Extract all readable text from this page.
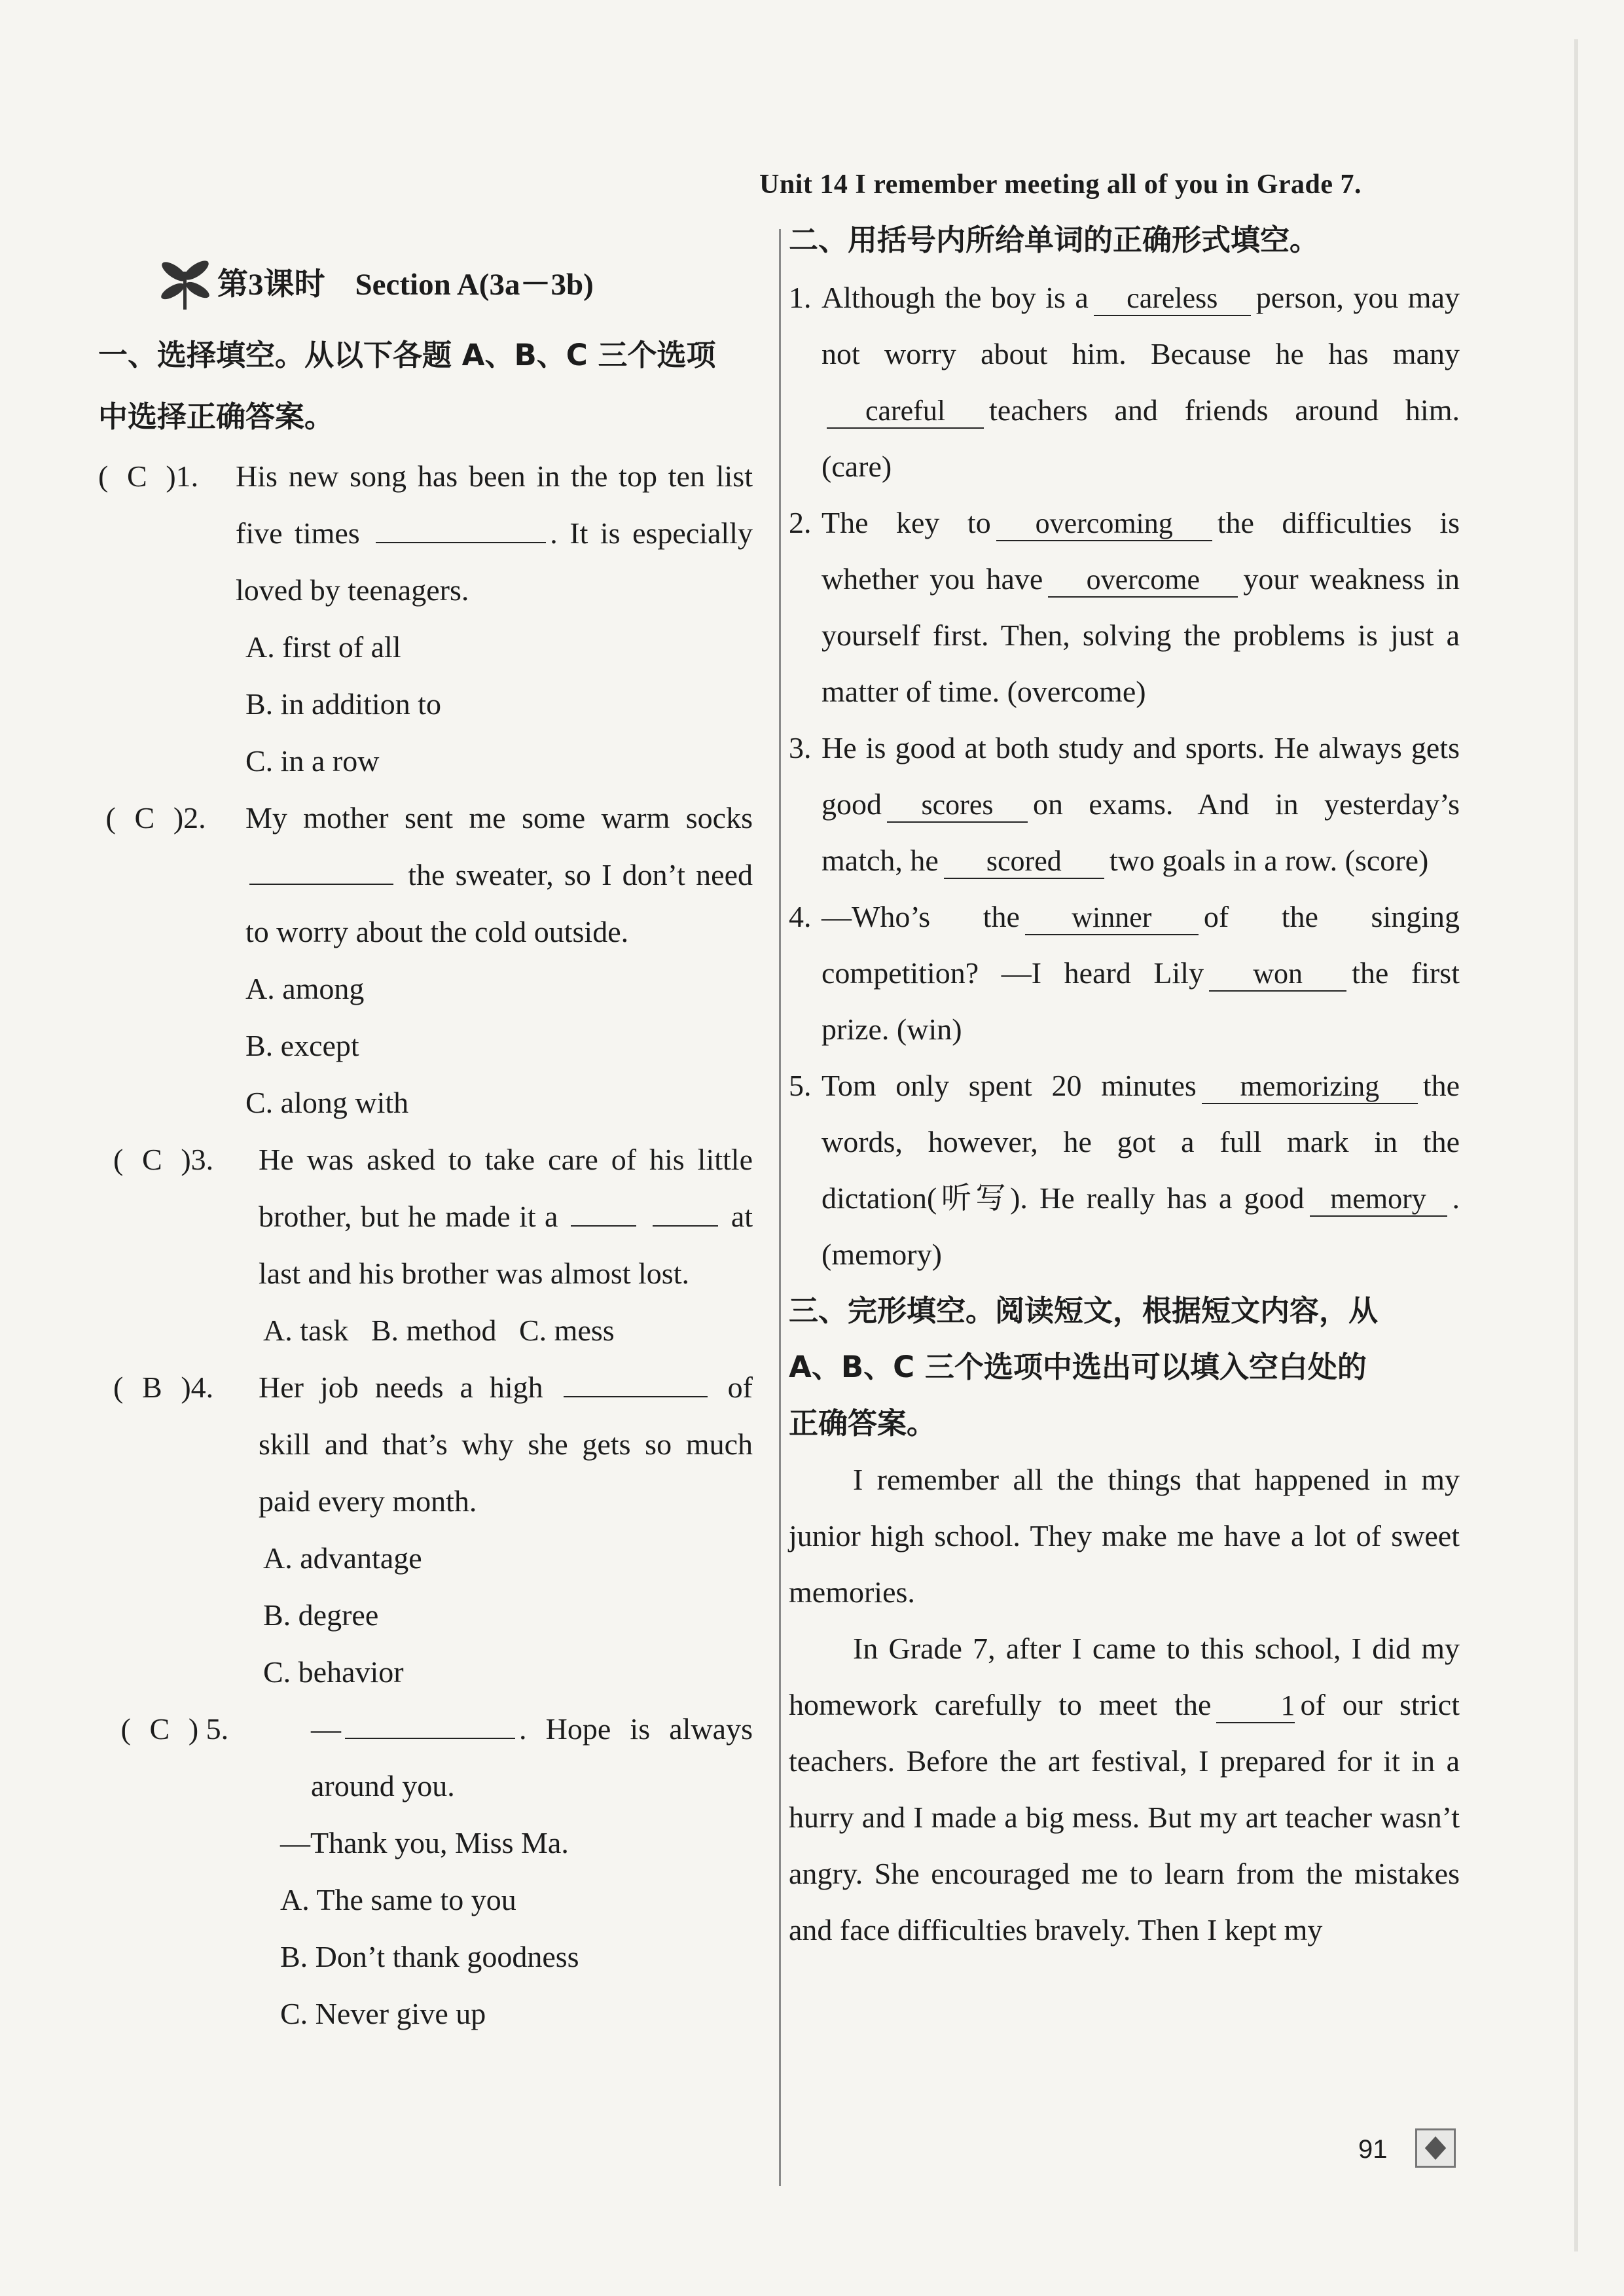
Unit 14 I remember meeting all of you in Grade 7.
第3课时 Section A(3a－3b)
一、选择填空。从以下各题 A、B、C 三个选项
中选择正确答案。
( C )1.	His new song has been in the top ten list five times	. It is especially loved by teenagers.
A. first of all
B. in addition to
C. in a row
( C )2.	My mother sent me some warm socks  the sweater, so I don’t need to worry about the cold outside.
A. among
B. except
C. along with
( C )3.	He was asked to take care of his little brother, but he made it a	at last and his brother was almost lost.
A. task B. method C. mess
( B )4.	Her job needs a high	of skill and that’s why she gets so much paid every month.
A. advantage
B. degree
C. behavior
( C ) 5.	—	. Hope is always around you.
—Thank you, Miss Ma.
A. The same to you
B. Don’t thank goodness
C. Never give up
二、用括号内所给单词的正确形式填空。
1. Although the boy is a careless person, you may not worry about him. Because he has manycareful teachers and friends around him. (care)
2. The key to overcoming the difficulties is whether you have overcome your weakness in yourself first. Then, solving the problems is just a matter of time. (overcome)
3. He is good at both study and sports. He always gets good scores on exams. And in yesterday’s match, he scored two goals in a row. (score)
4. —Who’s the winner of the singing competition? —I heard Lily won the first prize. (win)
5. Tom only spent 20 minutes memorizing the words, however, he got a full mark in the dictation(听写). He really has a good memory . (memory)
三、完形填空。阅读短文，根据短文内容，从
A、B、C 三个选项中选出可以填入空白处的
正确答案。
I remember all the things that happened in my junior high school. They make me have a lot of sweet memories.
In Grade 7, after I came to this school, I did my homework carefully to meet the 1 of our strict teachers. Before the art festival, I prepared for it in a hurry and I made a big mess. But my art teacher wasn’t angry. She encouraged me to learn from the mistakes and face difficulties bravely. Then I kept my
91
